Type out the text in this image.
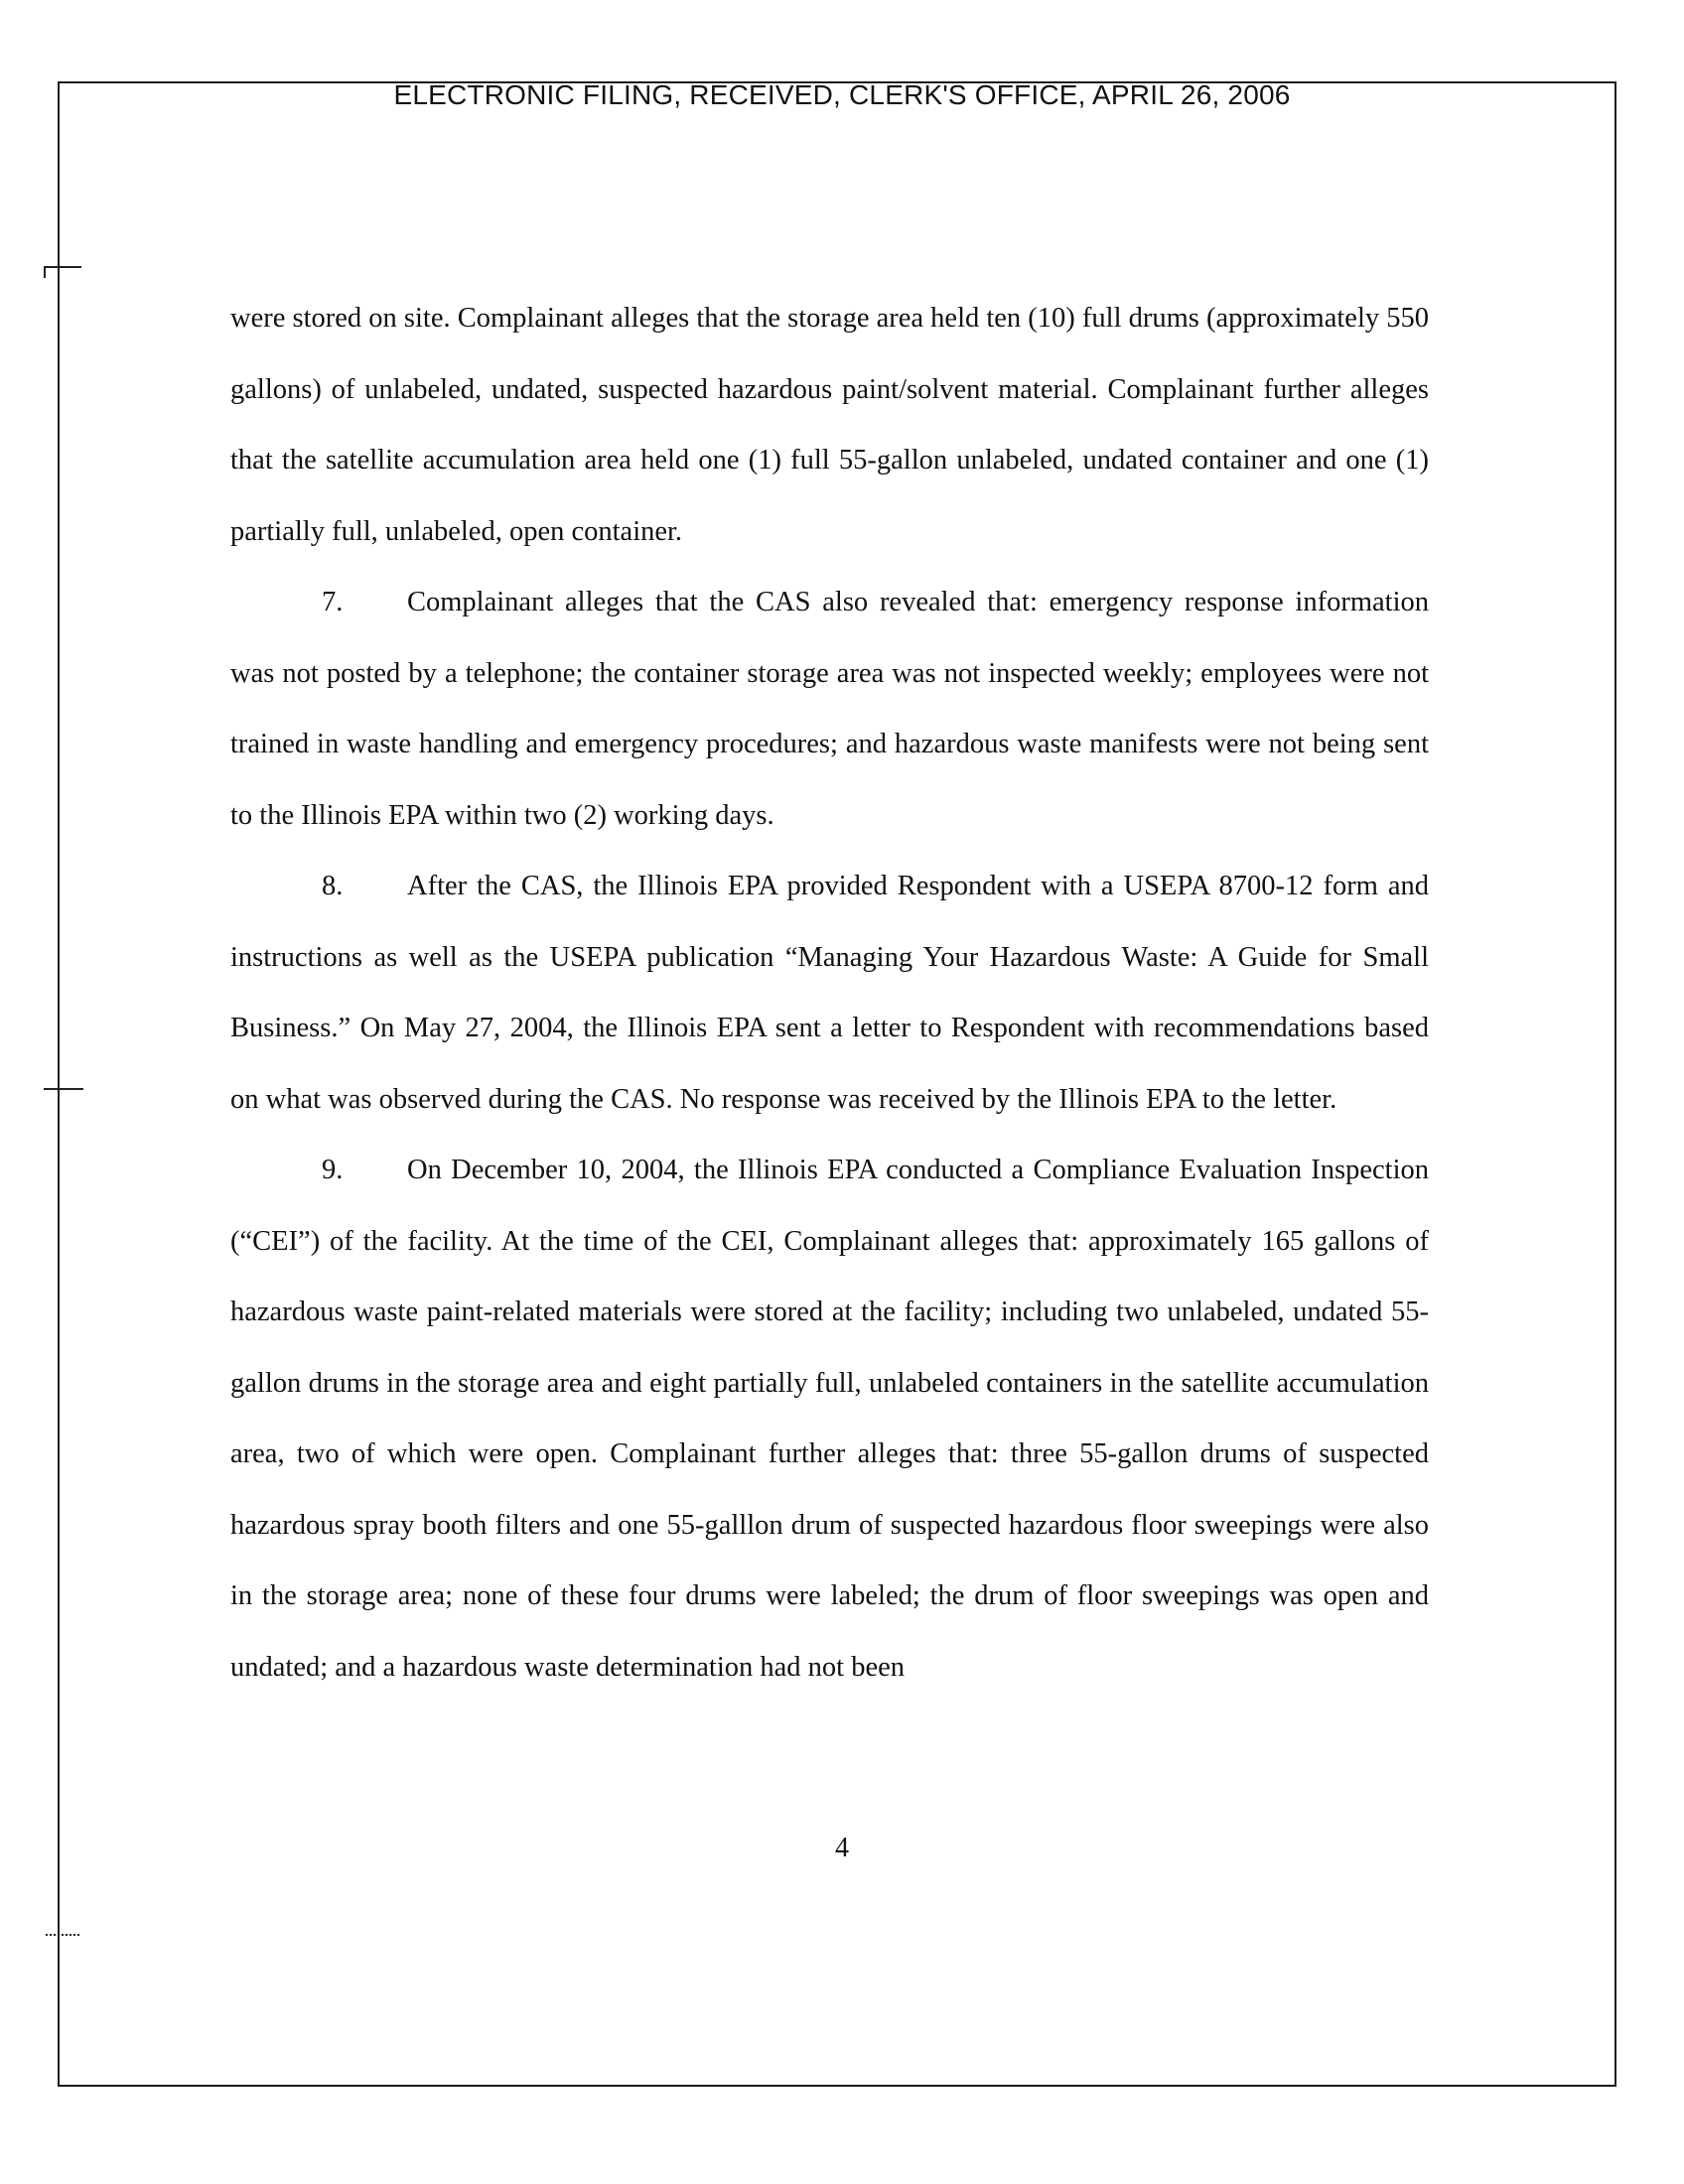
ELECTRONIC FILING, RECEIVED, CLERK'S OFFICE, APRIL 26, 2006

were stored on site. Complainant alleges that the storage area held ten (10) full drums (approximately 550 gallons) of unlabeled, undated, suspected hazardous paint/solvent material. Complainant further alleges that the satellite accumulation area held one (1) full 55-gallon unlabeled, undated container and one (1) partially full, unlabeled, open container.

7. Complainant alleges that the CAS also revealed that: emergency response information was not posted by a telephone; the container storage area was not inspected weekly; employees were not trained in waste handling and emergency procedures; and hazardous waste manifests were not being sent to the Illinois EPA within two (2) working days.

8. After the CAS, the Illinois EPA provided Respondent with a USEPA 8700-12 form and instructions as well as the USEPA publication “Managing Your Hazardous Waste: A Guide for Small Business.” On May 27, 2004, the Illinois EPA sent a letter to Respondent with recommendations based on what was observed during the CAS. No response was received by the Illinois EPA to the letter.

9. On December 10, 2004, the Illinois EPA conducted a Compliance Evaluation Inspection (“CEI”) of the facility. At the time of the CEI, Complainant alleges that: approximately 165 gallons of hazardous waste paint-related materials were stored at the facility; including two unlabeled, undated 55-gallon drums in the storage area and eight partially full, unlabeled containers in the satellite accumulation area, two of which were open. Complainant further alleges that: three 55-gallon drums of suspected hazardous spray booth filters and one 55-galllon drum of suspected hazardous floor sweepings were also in the storage area; none of these four drums were labeled; the drum of floor sweepings was open and undated; and a hazardous waste determination had not been

4
